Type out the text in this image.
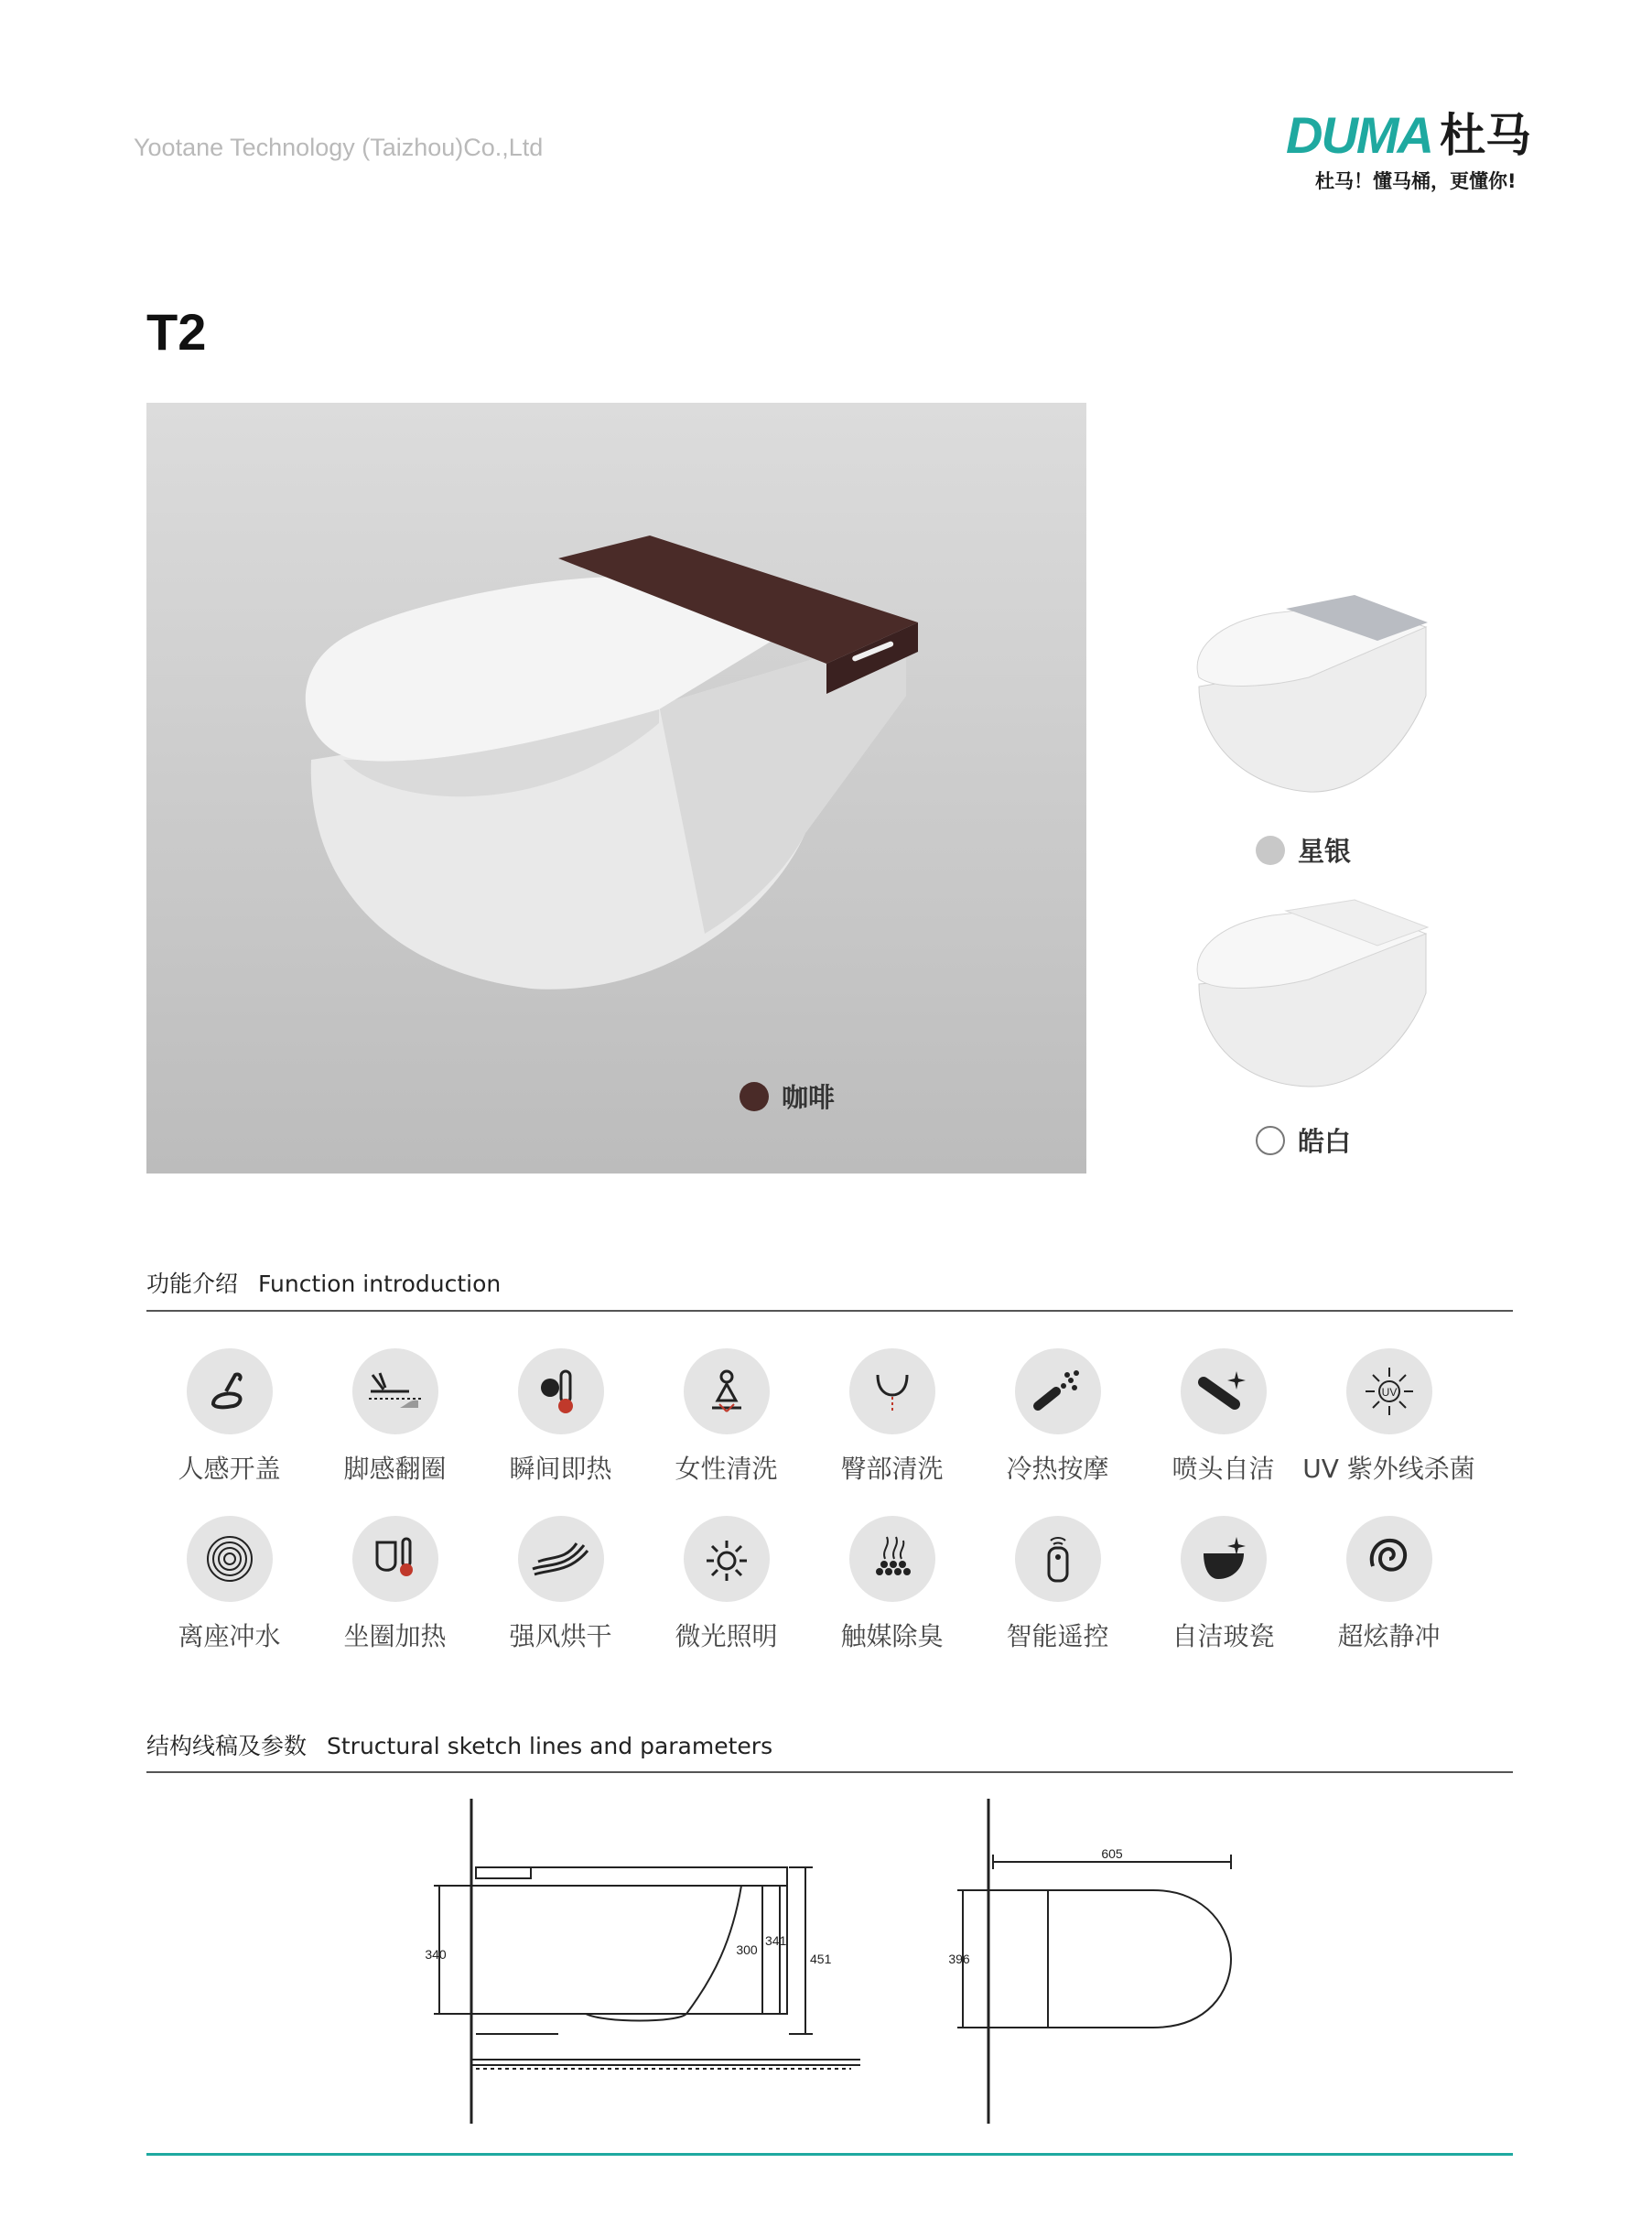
Yootane Technology (Taizhou)Co.,Ltd	DUMA 杜马
杜马！懂马桶，更懂你!
T2
咖啡
星银
皓白
功能介绍 Function introduction
人感开盖 脚感翻圈 瞬间即热 女性清洗 臀部清洗 冷热按摩 喷头自洁
UV
UV 紫外线杀菌
离座冲水 坐圈加热 强风烘干 微光照明 触媒除臭 智能遥控 自洁玻瓷 超炫静冲
结构线稿及参数 Structural sketch lines and parameters
340	300
341
451
605
396
